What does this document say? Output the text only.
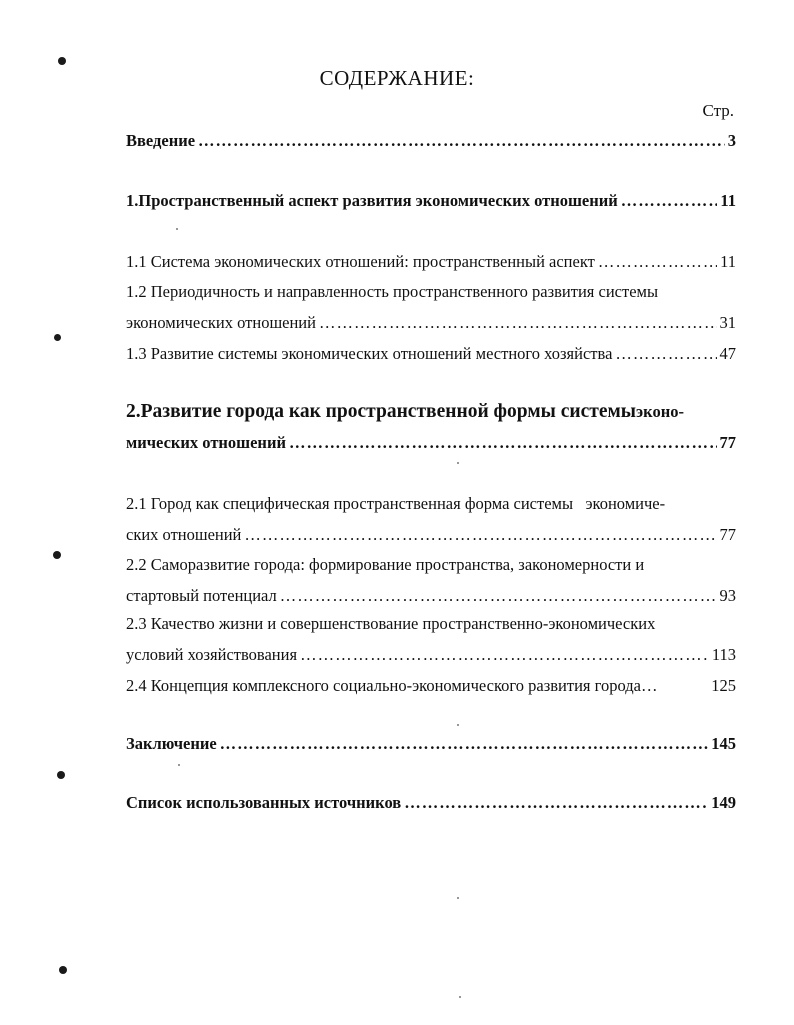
СОДЕРЖАНИЕ:
Стр.
Введение …………………………………………………………………………………………………………………………………………	3
1.Пространственный аспект развития экономических отношений …………………………………………………………………………………………………………………………………………	11
1.1 Система экономических отношений: пространственный аспект …………………………………………………………………………………………………………………………………………	11
1.2 Периодичность и направленность пространственного развития системы
экономических отношений …………………………………………………………………………………………………………………………………………	31
1.3 Развитие системы экономических отношений местного хозяйства …………………………………………………………………………………………………………………………………………	47
2.Развитие города как пространственной формы системы эконо-
мических отношений …………………………………………………………………………………………………………………………………………	77
2.1 Город как специфическая пространственная форма системы   экономиче-
ских отношений …………………………………………………………………………………………………………………………………………	77
2.2 Саморазвитие города: формирование пространства, закономерности и
стартовый потенциал …………………………………………………………………………………………………………………………………………	93
2.3 Качество жизни и совершенствование пространственно-экономических
условий хозяйствования …………………………………………………………………………………………………………………………………………	113
2.4 Концепция комплексного социально-экономического развития города…	125
Заключение …………………………………………………………………………………………………………………………………………	145
Список использованных источников …………………………………………………………………………………………………………………………………………	149
